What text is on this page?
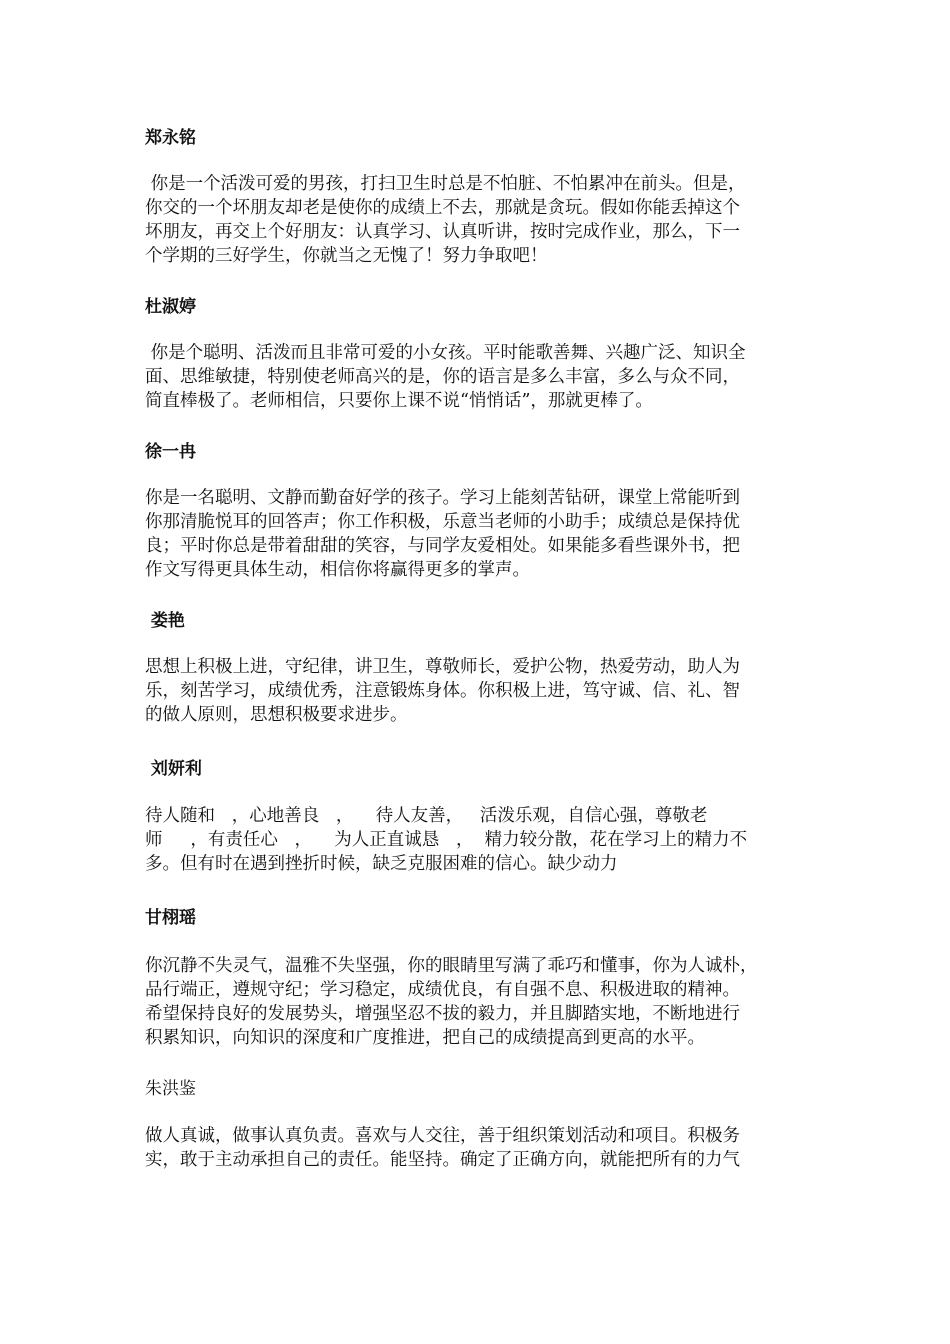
郑永铭
你是一个活泼可爱的男孩，打扫卫生时总是不怕脏、不怕累冲在前头。但是，
你交的一个坏朋友却老是使你的成绩上不去，那就是贪玩。假如你能丢掉这个
坏朋友，再交上个好朋友：认真学习、认真听讲，按时完成作业，那么，下一
个学期的三好学生，你就当之无愧了！努力争取吧！
杜淑婷
你是个聪明、活泼而且非常可爱的小女孩。平时能歌善舞、兴趣广泛、知识全
面、思维敏捷，特别使老师高兴的是，你的语言是多么丰富，多么与众不同，
简直棒极了。老师相信，只要你上课不说“悄悄话”，那就更棒了。
徐一冉
你是一名聪明、文静而勤奋好学的孩子。学习上能刻苦钻研，课堂上常能听到
你那清脆悦耳的回答声；你工作积极，乐意当老师的小助手；成绩总是保持优
良；平时你总是带着甜甜的笑容，与同学友爱相处。如果能多看些课外书，把
作文写得更具体生动，相信你将赢得更多的掌声。
娄艳
思想上积极上进，守纪律，讲卫生，尊敬师长，爱护公物，热爱劳动，助人为
乐，刻苦学习，成绩优秀，注意锻炼身体。你积极上进，笃守诚、信、礼、智
的做人原则，思想积极要求进步。
刘妍利
待人随和   ，心地善良   ，    待人友善，   活泼乐观，自信心强，尊敬老
师     ，有责任心   ，    为人正直诚恳   ，  精力较分散，花在学习上的精力不
多。但有时在遇到挫折时候，缺乏克服困难的信心。缺少动力
甘栩瑶
你沉静不失灵气，温雅不失坚强，你的眼睛里写满了乖巧和懂事，你为人诚朴，
品行端正，遵规守纪；学习稳定，成绩优良，有自强不息、积极进取的精神。
希望保持良好的发展势头，增强坚忍不拔的毅力，并且脚踏实地，不断地进行
积累知识，向知识的深度和广度推进，把自己的成绩提高到更高的水平。
朱洪鉴
做人真诚，做事认真负责。喜欢与人交往，善于组织策划活动和项目。积极务
实，敢于主动承担自己的责任。能坚持。确定了正确方向，就能把所有的力气
